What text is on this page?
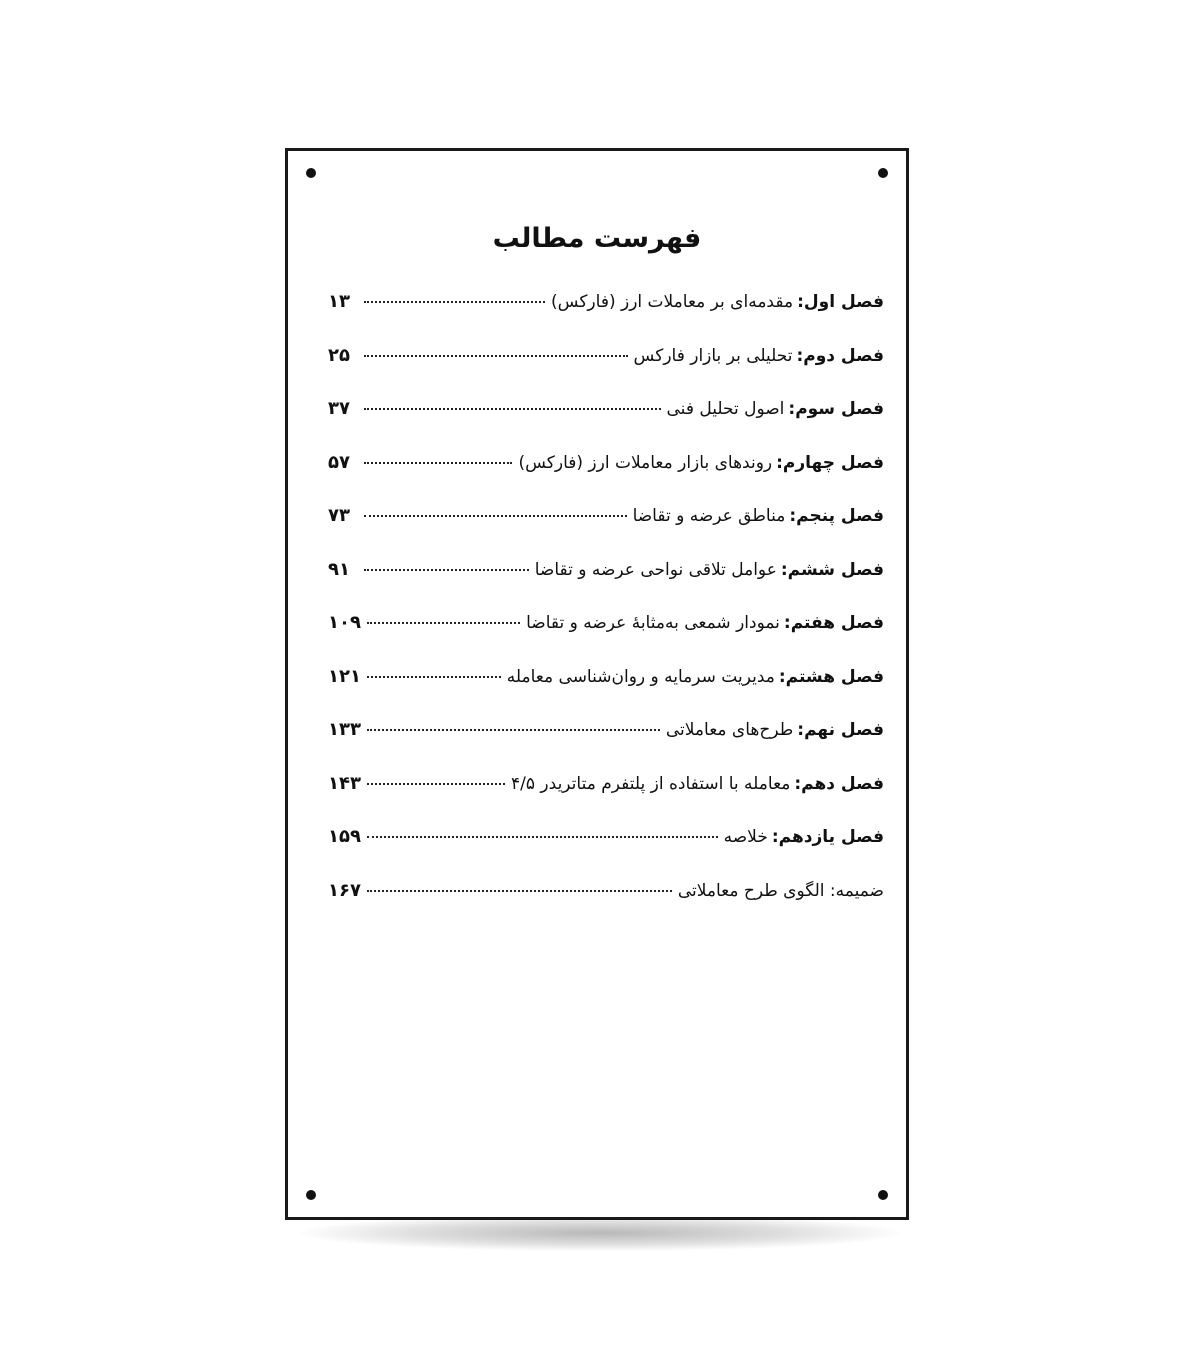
فهرست مطالب
فصل اول:
مقدمه‌ای بر معاملات ارز (فارکس)
۱۳
فصل دوم:
تحلیلی بر بازار فارکس
۲۵
فصل سوم:
اصول تحلیل فنی
۳۷
فصل چهارم:
روندهای بازار معاملات ارز (فارکس)
۵۷
فصل پنجم:
مناطق عرضه و تقاضا
۷۳
فصل ششم:
عوامل تلاقی نواحی عرضه و تقاضا
۹۱
فصل هفتم:
نمودار شمعی به‌مثابهٔ عرضه و تقاضا
۱۰۹
فصل هشتم:
مدیریت سرمایه و روان‌شناسی معامله
۱۲۱
فصل نهم:
طرح‌های معاملاتی
۱۳۳
فصل دهم:
معامله با استفاده از پلتفرم متاتریدر ۴/۵
۱۴۳
فصل یازدهم:
خلاصه
۱۵۹
ضمیمه: الگوی طرح معاملاتی
۱۶۷
